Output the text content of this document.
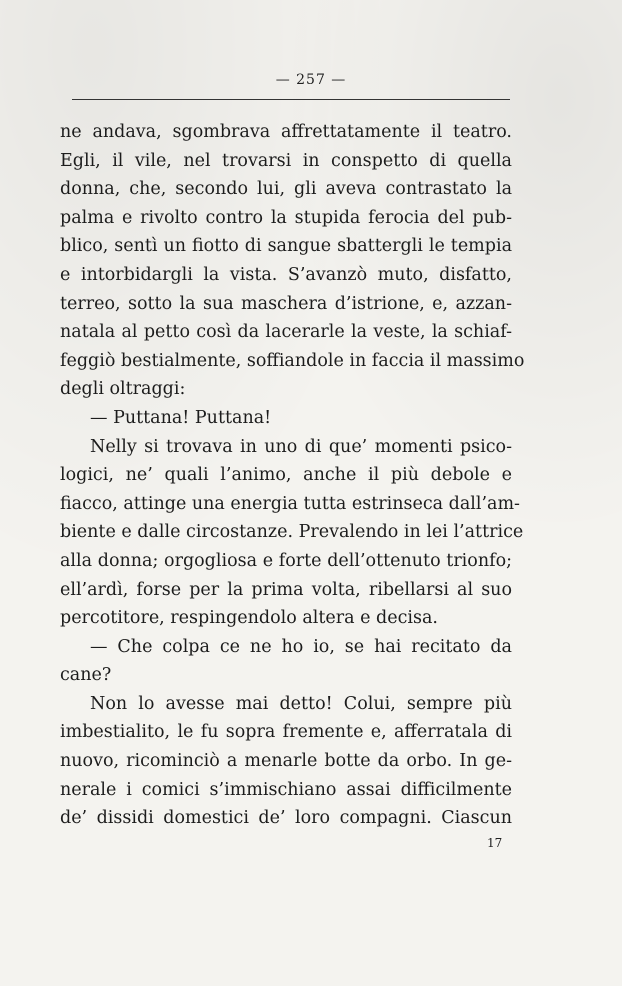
— 257 —
ne andava, sgombrava affrettatamente il teatro.
Egli, il vile, nel trovarsi in conspetto di quella
donna, che, secondo lui, gli aveva contrastato la
palma e rivolto contro la stupida ferocia del pub-
blico, sentì un fiotto di sangue sbattergli le tempia
e intorbidargli la vista. S’avanzò muto, disfatto,
terreo, sotto la sua maschera d’istrione, e, azzan-
natala al petto così da lacerarle la veste, la schiaf-
feggiò bestialmente, soffiandole in faccia il massimo
degli oltraggi:
— Puttana! Puttana!
Nelly si trovava in uno di que’ momenti psico-
logici, ne’ quali l’animo, anche il più debole e
fiacco, attinge una energia tutta estrinseca dall’am-
biente e dalle circostanze. Prevalendo in lei l’attrice
alla donna; orgogliosa e forte dell’ottenuto trionfo;
ell’ardì, forse per la prima volta, ribellarsi al suo
percotitore, respingendolo altera e decisa.
— Che colpa ce ne ho io, se hai recitato da
cane?
Non lo avesse mai detto! Colui, sempre più
imbestialito, le fu sopra fremente e, afferratala di
nuovo, ricominciò a menarle botte da orbo. In ge-
nerale i comici s’immischiano assai difficilmente
de’ dissidi domestici de’ loro compagni. Ciascun
17
